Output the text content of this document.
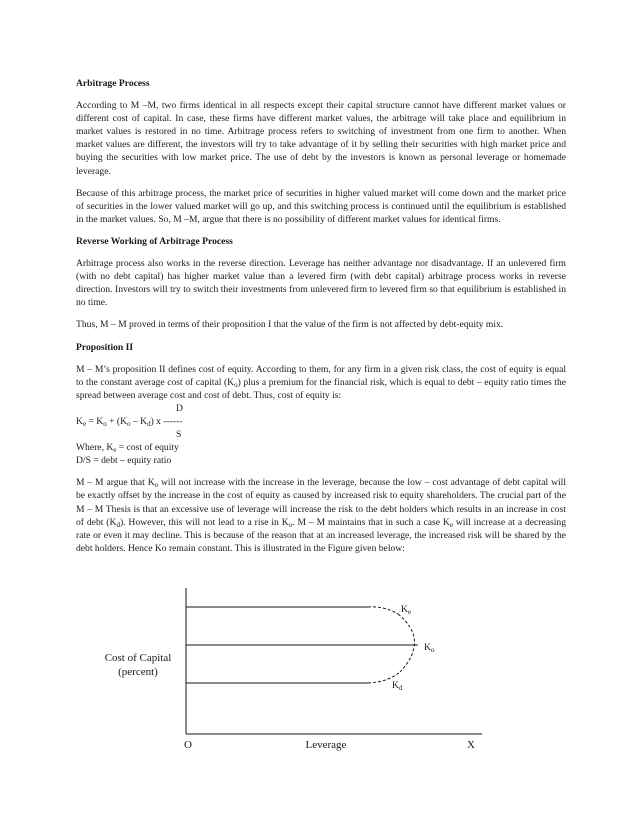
Arbitrage Process

According to M –M, two firms identical in all respects except their capital structure cannot have different market values or different cost of capital. In case, these firms have different market values, the arbitrage will take place and equilibrium in market values is restored in no time. Arbitrage process refers to switching of investment from one firm to another. When market values are different, the investors will try to take advantage of it by selling their securities with high market price and buying the securities with low market price. The use of debt by the investors is known as personal leverage or homemade leverage.

Because of this arbitrage process, the market price of securities in higher valued market will come down and the market price of securities in the lower valued market will go up, and this switching process is continued until the equilibrium is established in the market values. So, M –M, argue that there is no possibility of different market values for identical firms.

Reverse Working of Arbitrage Process

Arbitrage process also works in the reverse direction. Leverage has neither advantage nor disadvantage. If an unlevered firm (with no debt capital) has higher market value than a levered firm (with debt capital) arbitrage process works in reverse direction. Investors will try to switch their investments from unlevered firm to levered firm so that equilibrium is established in no time.

Thus, M – M proved in terms of their proposition I that the value of the firm is not affected by debt-equity mix.

Proposition II

M – M’s proposition II defines cost of equity. According to them, for any firm in a given risk class, the cost of equity is equal to the constant average cost of capital $(K_o)$ plus a premium for the financial risk, which is equal to debt – equity ratio times the spread between average cost and cost of debt. Thus, cost of equity is:

D

$K_e = K_o + (K_o - K_d)$ x ------

S

Where, $K_e = \cos t$ of equity

D/S = debt – equity ratio

M – M argue that $K_o$ will not increase with the increase in the leverage, because the low – cost advantage of debt capital will be exactly offset by the increase in the cost of equity as caused by increased risk to equity shareholders. The crucial part of the M – M Thesis is that an excessive use of leverage will increase the risk to the debt holders which results in an increase in cost of debt $(K_d)$. However, this will not lead to a rise in $K_o$. M – M maintains that in such a case $K_e$ will increase at a decreasing rate or even it may decline. This is because of the reason that at an increased leverage, the increased risk will be shared by the debt holders. Hence Ko remain constant. This is illustrated in the Figure given below:

$K_e$
$K_o$
$K_d$
Cost of Capital
(percent)
O	Leverage	X
